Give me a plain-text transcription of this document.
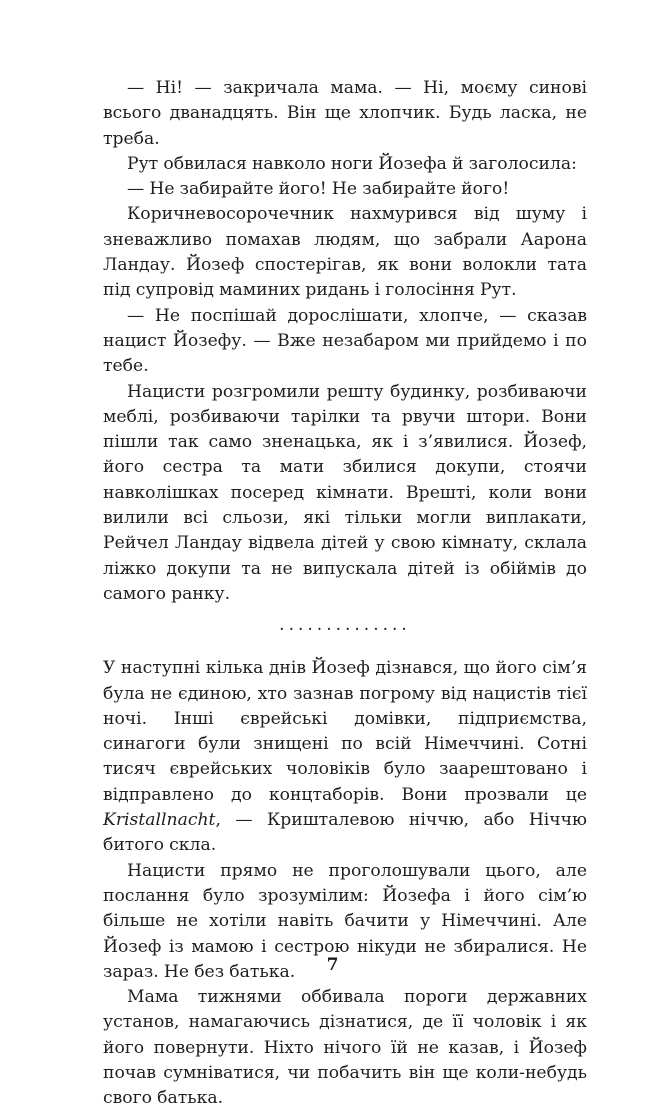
— Ні! — закричала мама. — Ні, моєму синові всього дванадцять. Він ще хлопчик. Будь ласка, не треба.

Рут обвилася навколо ноги Йозефа й заголосила:

— Не забирайте його! Не забирайте його!

Коричневосорочечник нахмурився від шуму і зневажливо помахав людям, що забрали Аарона Ландау. Йозеф спостерігав, як вони волокли тата під супровід маминих ридань і голосіння Рут.

— Не поспішай дорослішати, хлопче, — сказав нацист Йозефу. — Вже незабаром ми прийдемо і по тебе.

Нацисти розгромили решту будинку, розбиваючи меблі, розбиваючи тарілки та рвучи штори. Вони пішли так само зненацька, як і з’явилися. Йозеф, його сестра та мати збилися докупи, стоячи навколішках посеред кімнати. Врешті, коли вони вилили всі сльози, які тільки могли виплакати, Рейчел Ландау відвела дітей у свою кімнату, склала ліжко докупи та не випускала дітей із обіймів до самого ранку.

..............

У наступні кілька днів Йозеф дізнався, що його сім’я була не єдиною, хто зазнав погрому від нацистів тієї ночі. Інші єврейські домівки, підприємства, синагоги були знищені по всій Німеччині. Сотні тисяч єврейських чоловіків було заарештовано і відправлено до концтаборів. Вони прозвали це Kristallnacht, — Кришталевою ніччю, або Ніччю битого скла.

Нацисти прямо не проголошували цього, але послання було зрозумілим: Йозефа і його сім’ю більше не хотіли навіть бачити у Німеччині. Але Йозеф із мамою і сестрою нікуди не збиралися. Не зараз. Не без батька.

Мама тижнями оббивала пороги державних установ, намагаючись дізнатися, де її чоловік і як його повернути. Ніхто нічого їй не казав, і Йозеф почав сумніватися, чи побачить він ще коли-небудь свого батька.

7
